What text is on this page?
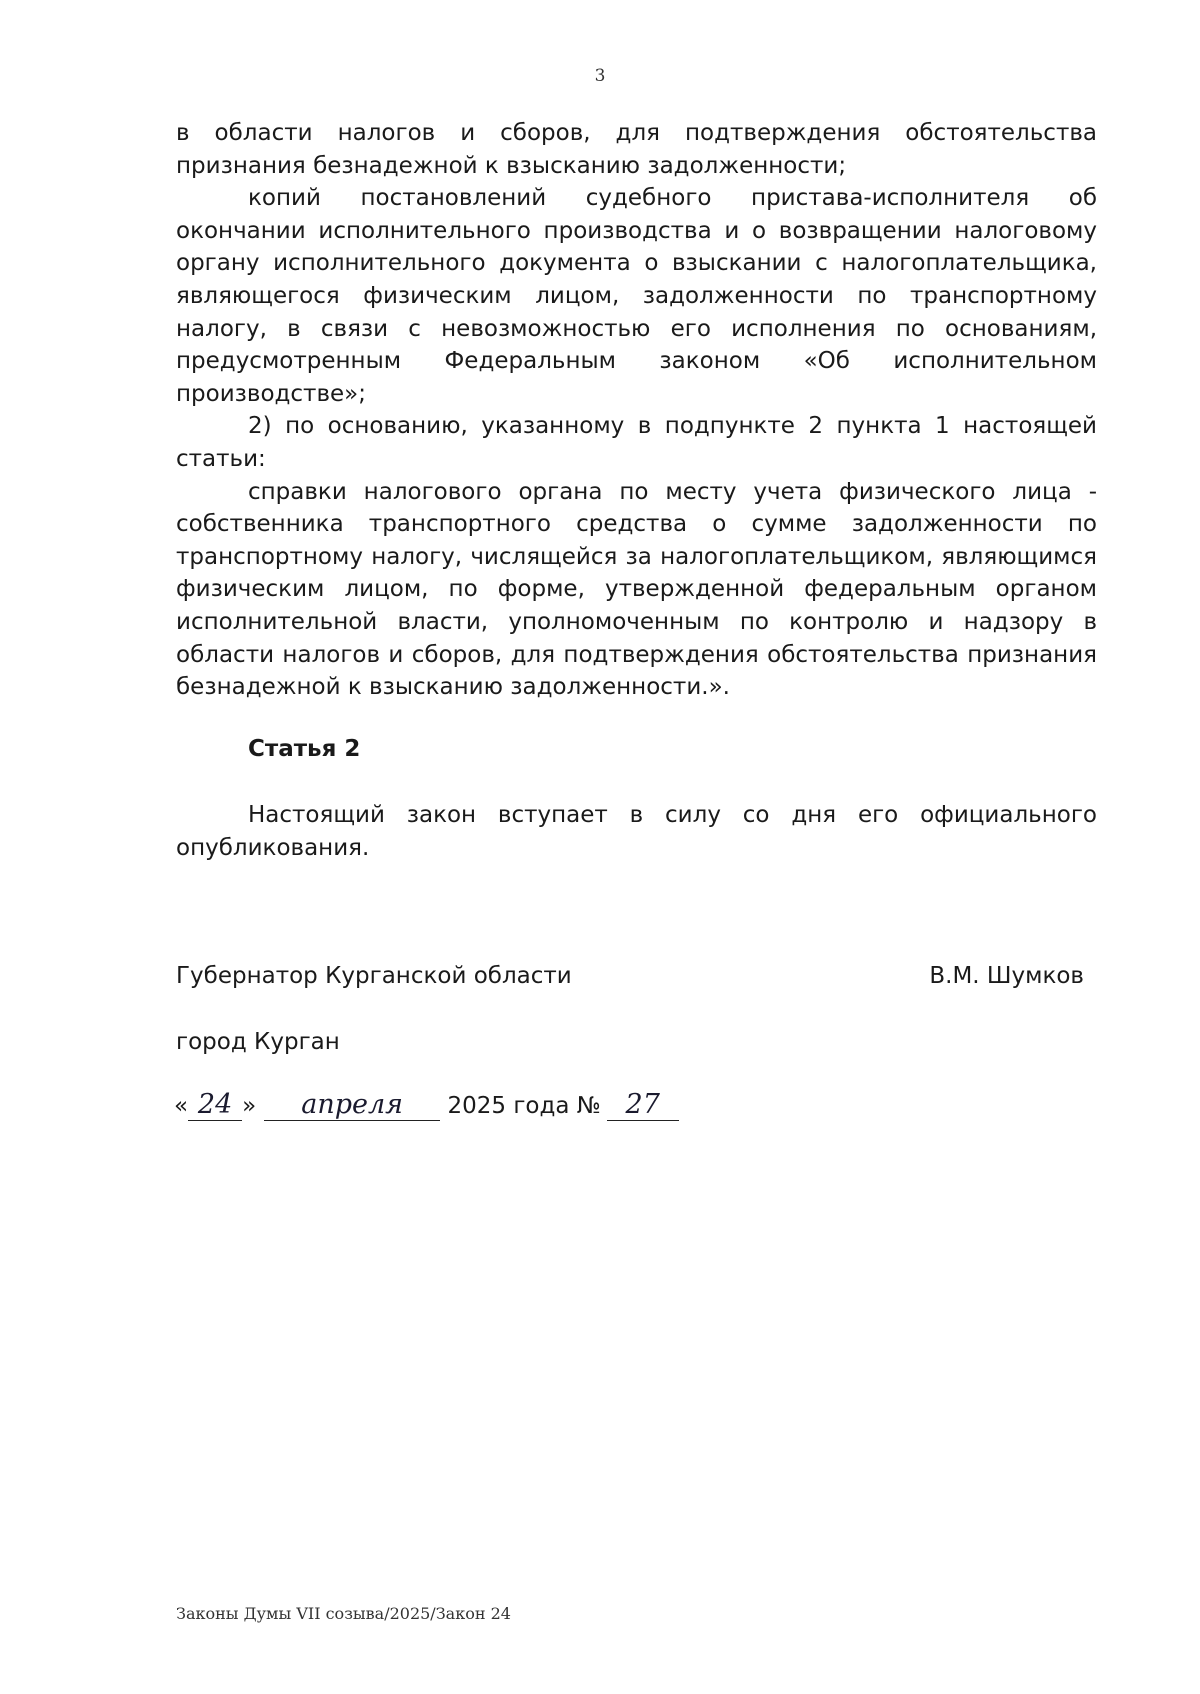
3

в области налогов и сборов, для подтверждения обстоятельства признания безнадежной к взысканию задолженности;

копий постановлений судебного пристава-исполнителя об окончании исполнительного производства и о возвращении налоговому органу исполнительного документа о взыскании с налогоплательщика, являющегося физическим лицом, задолженности по транспортному налогу, в связи с невозможностью его исполнения по основаниям, предусмотренным Федеральным законом «Об исполнительном производстве»;

2) по основанию, указанному в подпункте 2 пункта 1 настоящей статьи:

справки налогового органа по месту учета физического лица - собственника транспортного средства о сумме задолженности по транспортному налогу, числящейся за налогоплательщиком, являющимся физическим лицом, по форме, утвержденной федеральным органом исполнительной власти, уполномоченным по контролю и надзору в области налогов и сборов, для подтверждения обстоятельства признания безнадежной к взысканию задолженности.».

Статья 2

Настоящий закон вступает в силу со дня его официального опубликования.

Губернатор Курганской области	В.М. Шумков
город Курган
« 24 » апреля 2025 года № 27
Законы Думы VII созыва/2025/Закон 24
